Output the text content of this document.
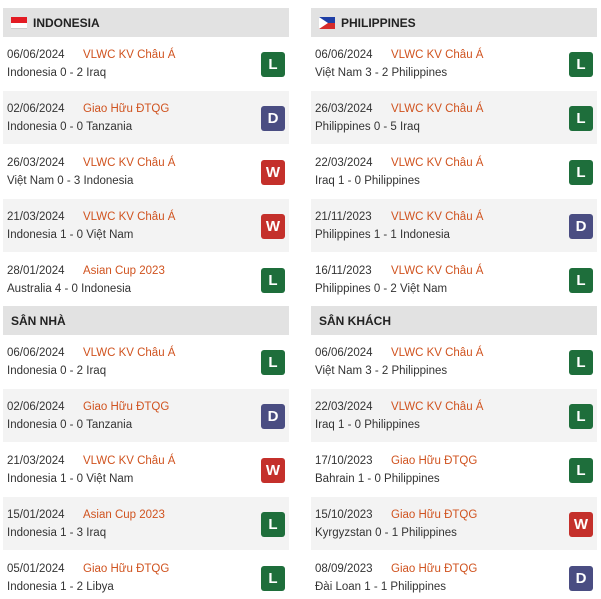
INDONESIA
06/06/2024 VLWC KV Châu Á
Indonesia 0 - 2 Iraq	L
02/06/2024 Giao Hữu ĐTQG
Indonesia 0 - 0 Tanzania	D
26/03/2024 VLWC KV Châu Á
Việt Nam 0 - 3 Indonesia	W
21/03/2024 VLWC KV Châu Á
Indonesia 1 - 0 Việt Nam	W
28/01/2024 Asian Cup 2023
Australia 4 - 0 Indonesia	L
PHILIPPINES
06/06/2024 VLWC KV Châu Á
Việt Nam 3 - 2 Philippines	L
26/03/2024 VLWC KV Châu Á
Philippines 0 - 5 Iraq	L
22/03/2024 VLWC KV Châu Á
Iraq 1 - 0 Philippines	L
21/11/2023 VLWC KV Châu Á
Philippines 1 - 1 Indonesia	D
16/11/2023 VLWC KV Châu Á
Philippines 0 - 2 Việt Nam	L
SÂN NHÀ
06/06/2024 VLWC KV Châu Á
Indonesia 0 - 2 Iraq	L
02/06/2024 Giao Hữu ĐTQG
Indonesia 0 - 0 Tanzania	D
21/03/2024 VLWC KV Châu Á
Indonesia 1 - 0 Việt Nam	W
15/01/2024 Asian Cup 2023
Indonesia 1 - 3 Iraq	L
05/01/2024 Giao Hữu ĐTQG
Indonesia 1 - 2 Libya	L
SÂN KHÁCH
06/06/2024 VLWC KV Châu Á
Việt Nam 3 - 2 Philippines	L
22/03/2024 VLWC KV Châu Á
Iraq 1 - 0 Philippines	L
17/10/2023 Giao Hữu ĐTQG
Bahrain 1 - 0 Philippines	L
15/10/2023 Giao Hữu ĐTQG
Kyrgyzstan 0 - 1 Philippines	W
08/09/2023 Giao Hữu ĐTQG
Đài Loan 1 - 1 Philippines	D
